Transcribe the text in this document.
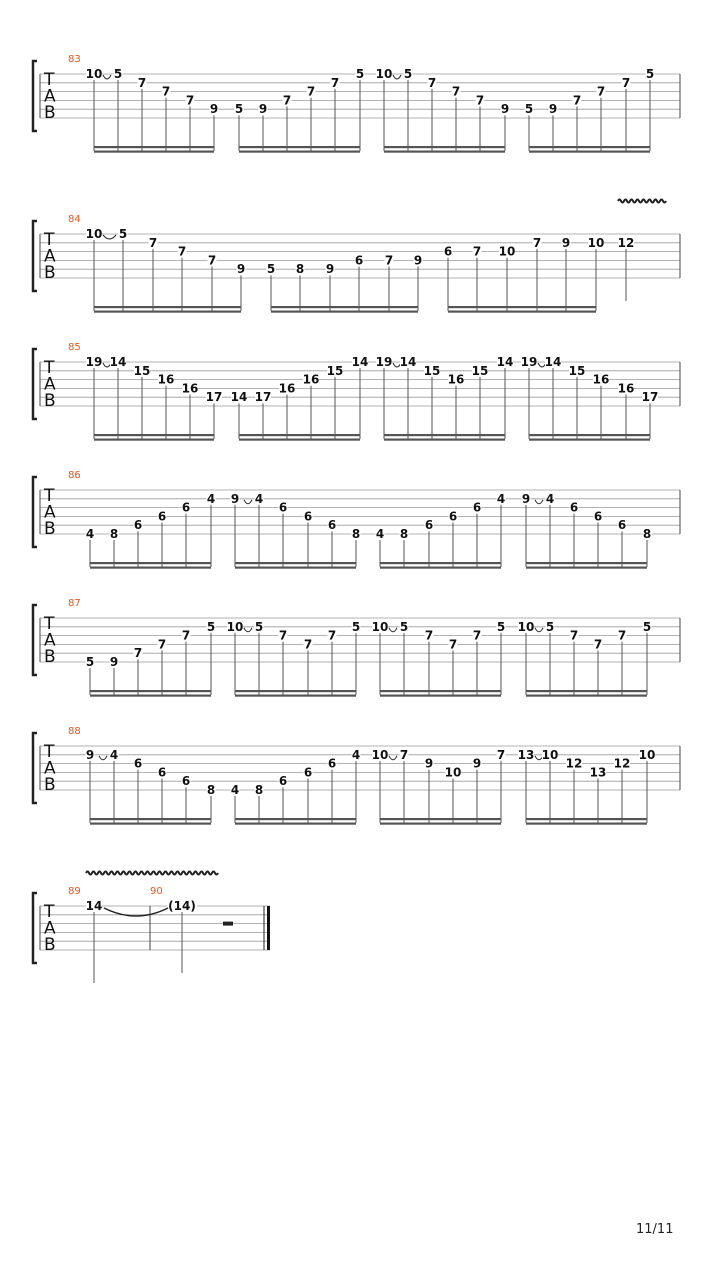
T
A
B
83
10 5
7
7
7
9 5 9
7
7
7
5 10 5
7
7
7
9 5 9
7
7
7
5
T
A
B
84
10 5
7
7
7
9 5 8 9
6 7 9
6 7 10
7 9 10 12
T
A
B
85
19 14
15
16
16
17 14 17
16
16
15
14 19 14
15
16
15
14 19 14
15
16
16
17
T
A
B
86
4 8
6
6
6
4 9 4
6
6
6
8 4 8
6
6
6
4 9 4
6
6
6
8
T
A
B
87
5 9
7
7
7
5 10 5
7
7
7
5 10 5
7
7
7
5 10 5
7
7
7
5
T
A
B
88
9 4
6
6
6
8 4 8
6
6
6
4 10 7
9
10
9
7 13 10
12
13
12
10
T
A
B
89	90
14	(14)
11/11
